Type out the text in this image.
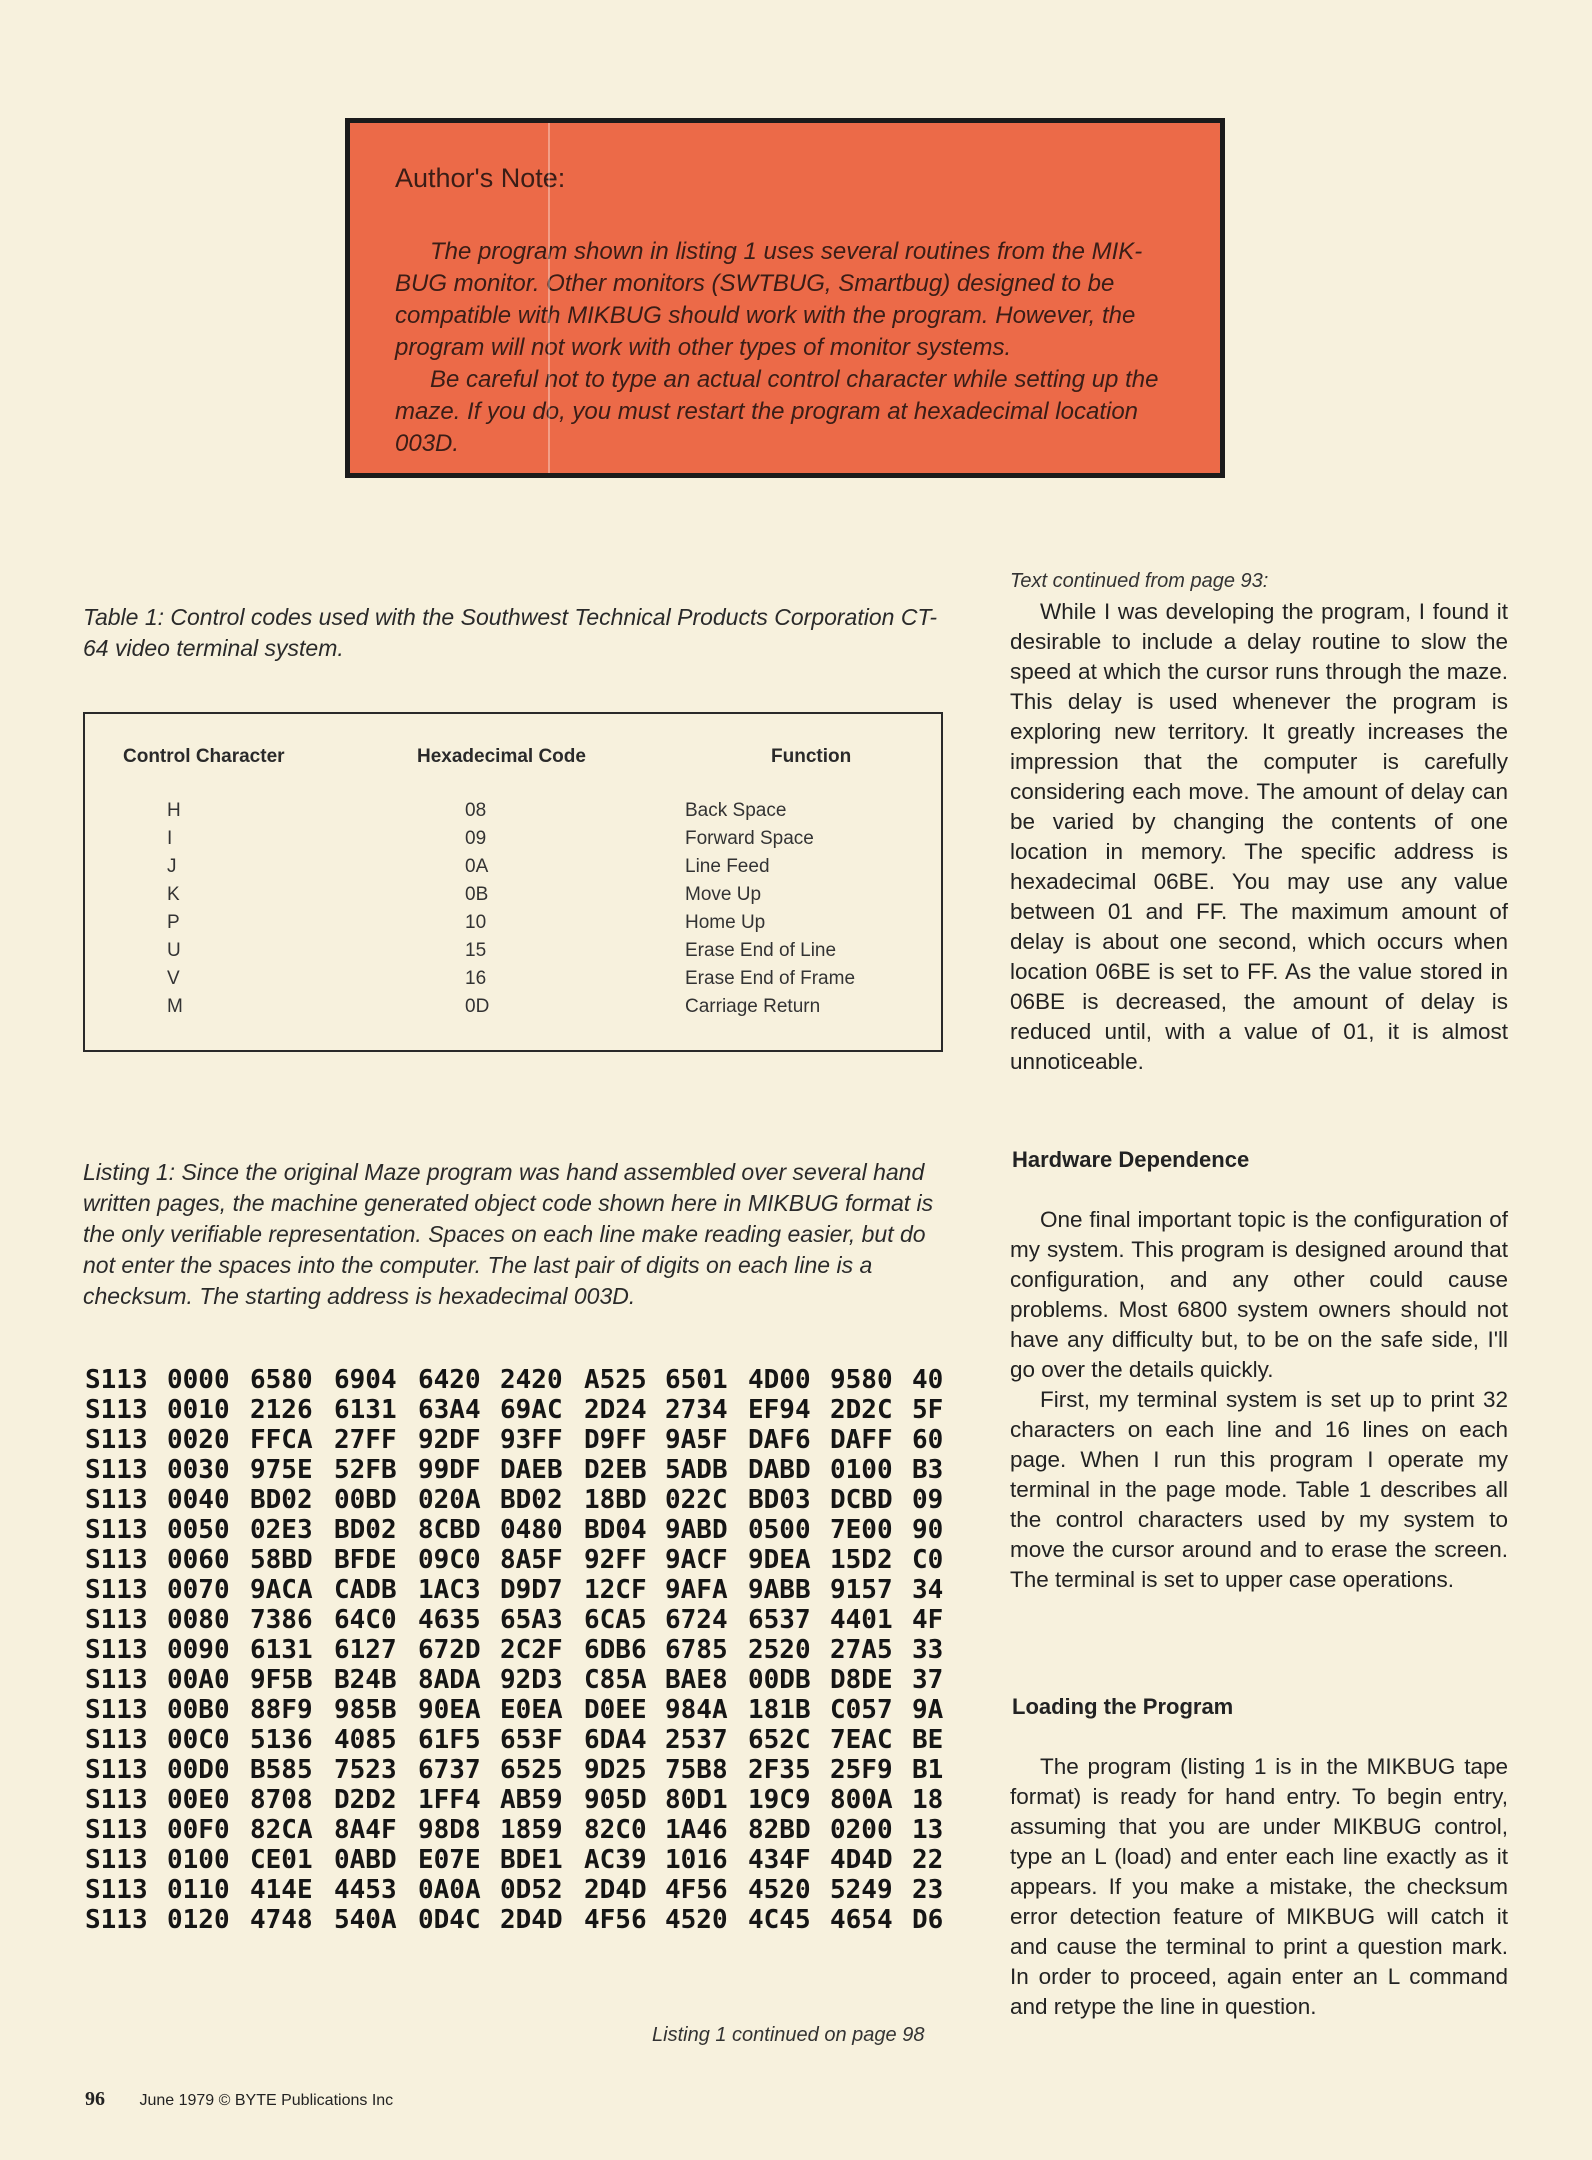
Author's Note:

The program shown in listing 1 uses several routines from the MIK-BUG monitor. Other monitors (SWTBUG, Smartbug) designed to be compatible with MIKBUG should work with the program. However, the program will not work with other types of monitor systems.

Be careful not to type an actual control character while setting up the maze. If you do, you must restart the program at hexadecimal location 003D.

Table 1: Control codes used with the Southwest Technical Products Corporation CT-64 video terminal system.
Control Character	Hexadecimal Code	Function
H	08	Back Space
I	09	Forward Space
J	0A	Line Feed
K	0B	Move Up
P	10	Home Up
U	15	Erase End of Line
V	16	Erase End of Frame
M	0D	Carriage Return
Listing 1: Since the original Maze program was hand assembled over several hand written pages, the machine generated object code shown here in MIKBUG format is the only verifiable representation. Spaces on each line make reading easier, but do not enter the spaces into the computer. The last pair of digits on each line is a checksum. The starting address is hexadecimal 003D.
S113 0000 6580 6904 6420 2420 A525 6501 4D00 9580 40
S113 0010 2126 6131 63A4 69AC 2D24 2734 EF94 2D2C 5F
S113 0020 FFCA 27FF 92DF 93FF D9FF 9A5F DAF6 DAFF 60
S113 0030 975E 52FB 99DF DAEB D2EB 5ADB DABD 0100 B3
S113 0040 BD02 00BD 020A BD02 18BD 022C BD03 DCBD 09
S113 0050 02E3 BD02 8CBD 0480 BD04 9ABD 0500 7E00 90
S113 0060 58BD BFDE 09C0 8A5F 92FF 9ACF 9DEA 15D2 C0
S113 0070 9ACA CADB 1AC3 D9D7 12CF 9AFA 9ABB 9157 34
S113 0080 7386 64C0 4635 65A3 6CA5 6724 6537 4401 4F
S113 0090 6131 6127 672D 2C2F 6DB6 6785 2520 27A5 33
S113 00A0 9F5B B24B 8ADA 92D3 C85A BAE8 00DB D8DE 37
S113 00B0 88F9 985B 90EA E0EA D0EE 984A 181B C057 9A
S113 00C0 5136 4085 61F5 653F 6DA4 2537 652C 7EAC BE
S113 00D0 B585 7523 6737 6525 9D25 75B8 2F35 25F9 B1
S113 00E0 8708 D2D2 1FF4 AB59 905D 80D1 19C9 800A 18
S113 00F0 82CA 8A4F 98D8 1859 82C0 1A46 82BD 0200 13
S113 0100 CE01 0ABD E07E BDE1 AC39 1016 434F 4D4D 22
S113 0110 414E 4453 0A0A 0D52 2D4D 4F56 4520 5249 23
S113 0120 4748 540A 0D4C 2D4D 4F56 4520 4C45 4654 D6
Listing 1 continued on page 98
Text continued from page 93:

While I was developing the program, I found it desirable to include a delay routine to slow the speed at which the cursor runs through the maze. This delay is used whenever the program is exploring new territory. It greatly increases the impression that the computer is carefully considering each move. The amount of delay can be varied by changing the contents of one location in memory. The specific address is hexadecimal 06BE. You may use any value between 01 and FF. The maximum amount of delay is about one second, which occurs when location 06BE is set to FF. As the value stored in 06BE is decreased, the amount of delay is reduced until, with a value of 01, it is almost unnoticeable.

Hardware Dependence

One final important topic is the configuration of my system. This program is designed around that configuration, and any other could cause problems. Most 6800 system owners should not have any difficulty but, to be on the safe side, I'll go over the details quickly.

First, my terminal system is set up to print 32 characters on each line and 16 lines on each page. When I run this program I operate my terminal in the page mode. Table 1 describes all the control characters used by my system to move the cursor around and to erase the screen. The terminal is set to upper case operations.

Loading the Program

The program (listing 1 is in the MIKBUG tape format) is ready for hand entry. To begin entry, assuming that you are under MIKBUG control, type an L (load) and enter each line exactly as it appears. If you make a mistake, the checksum error detection feature of MIKBUG will catch it and cause the terminal to print a question mark. In order to proceed, again enter an L command and retype the line in question.

96 June 1979 © BYTE Publications Inc
